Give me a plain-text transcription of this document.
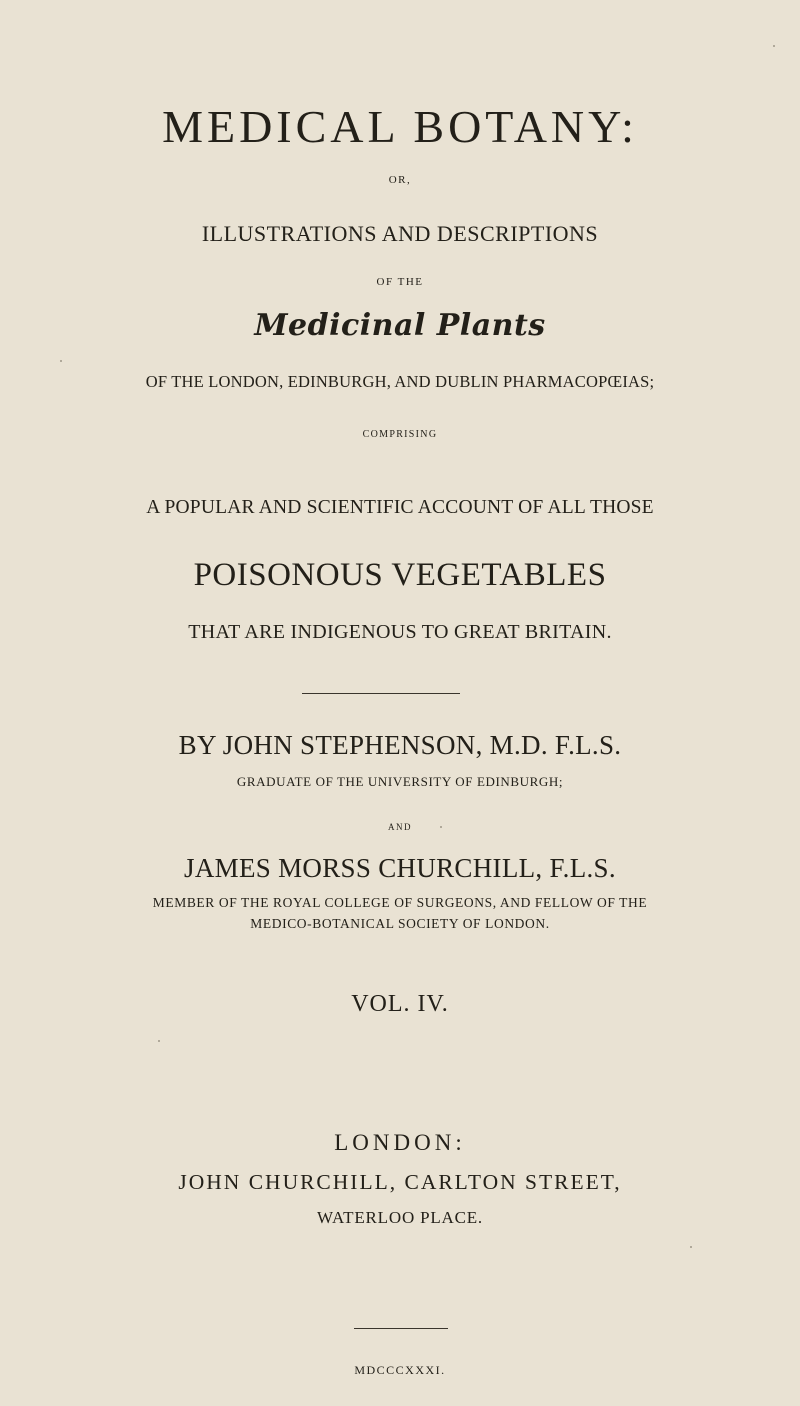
MEDICAL BOTANY:
OR,
ILLUSTRATIONS AND DESCRIPTIONS
OF THE
Medicinal Plants
OF THE LONDON, EDINBURGH, AND DUBLIN PHARMACOPŒIAS;
COMPRISING
A POPULAR AND SCIENTIFIC ACCOUNT OF ALL THOSE
POISONOUS VEGETABLES
THAT ARE INDIGENOUS TO GREAT BRITAIN.
BY JOHN STEPHENSON, M.D. F.L.S.
GRADUATE OF THE UNIVERSITY OF EDINBURGH;
AND
JAMES MORSS CHURCHILL, F.L.S.
MEMBER OF THE ROYAL COLLEGE OF SURGEONS, AND FELLOW OF THE
MEDICO-BOTANICAL SOCIETY OF LONDON.
VOL. IV.
LONDON:
JOHN CHURCHILL, CARLTON STREET,
WATERLOO PLACE.
MDCCCXXXI.
